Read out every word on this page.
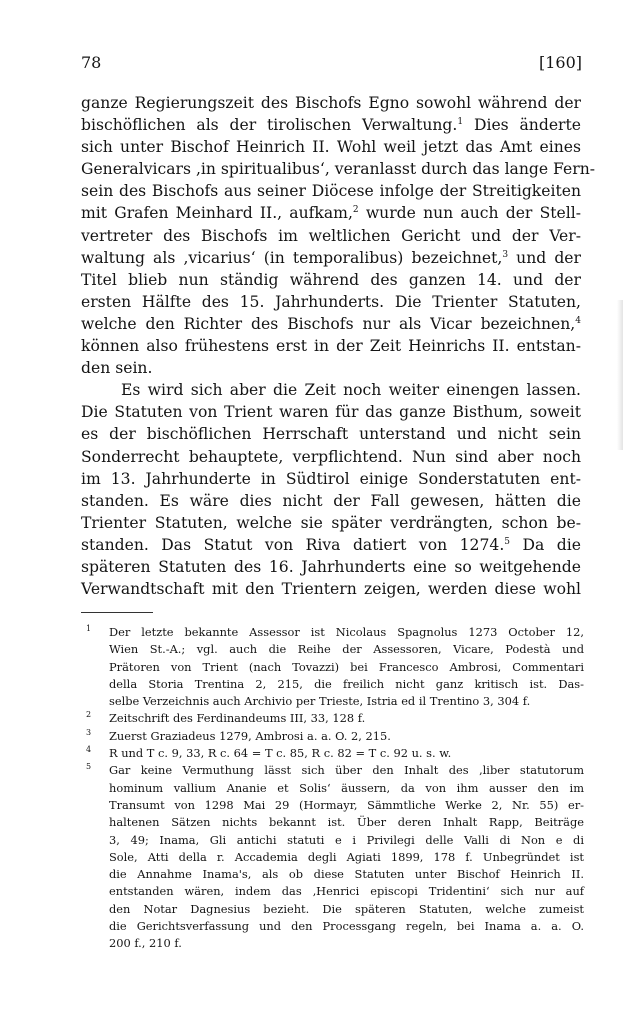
78	[160]
ganze Regierungszeit des Bischofs Egno sowohl während der
bischöflichen als der tirolischen Verwaltung.$^1$ Dies änderte
sich unter Bischof Heinrich II. Wohl weil jetzt das Amt eines
Generalvicars ‚in spiritualibus‘, veranlasst durch das lange Fern-
sein des Bischofs aus seiner Diöcese infolge der Streitigkeiten
mit Grafen Meinhard II., aufkam,$^2$ wurde nun auch der Stell-
vertreter des Bischofs im weltlichen Gericht und der Ver-
waltung als ‚vicarius‘ (in temporalibus) bezeichnet,$^3$ und der
Titel blieb nun ständig während des ganzen 14. und der
ersten Hälfte des 15. Jahrhunderts. Die Trienter Statuten,
welche den Richter des Bischofs nur als Vicar bezeichnen,$^4$
können also frühestens erst in der Zeit Heinrichs II. entstan-
den sein.
Es wird sich aber die Zeit noch weiter einengen lassen.
Die Statuten von Trient waren für das ganze Bisthum, soweit
es der bischöflichen Herrschaft unterstand und nicht sein
Sonderrecht behauptete, verpflichtend. Nun sind aber noch
im 13. Jahrhunderte in Südtirol einige Sonderstatuten ent-
standen. Es wäre dies nicht der Fall gewesen, hätten die
Trienter Statuten, welche sie später verdrängten, schon be-
standen. Das Statut von Riva datiert von 1274.$^5$ Da die
späteren Statuten des 16. Jahrhunderts eine so weitgehende
Verwandtschaft mit den Trientern zeigen, werden diese wohl
$^1$ Der letzte bekannte Assessor ist Nicolaus Spagnolus 1273 October 12,
Wien St.-A.; vgl. auch die Reihe der Assessoren, Vicare, Podestà und
Prätoren von Trient (nach Tovazzi) bei Francesco Ambrosi, Commentari
della Storia Trentina 2, 215, die freilich nicht ganz kritisch ist. Das-
selbe Verzeichnis auch Archivio per Trieste, Istria ed il Trentino 3, 304 f.
$^2$ Zeitschrift des Ferdinandeums III, 33, 128 f.
$^3$ Zuerst Graziadeus 1279, Ambrosi a. a. O. 2, 215.
$^4$ R und T c. 9, 33, R c. 64 = T c. 85, R c. 82 = T c. 92 u. s. w.
$^5$ Gar keine Vermuthung lässt sich über den Inhalt des ‚liber statutorum
hominum vallium Ananie et Solis‘ äussern, da von ihm ausser den im
Transumt von 1298 Mai 29 (Hormayr, Sämmtliche Werke 2, Nr. 55) er-
haltenen Sätzen nichts bekannt ist. Über deren Inhalt Rapp, Beiträge
3, 49; Inama, Gli antichi statuti e i Privilegi delle Valli di Non e di
Sole, Atti della r. Accademia degli Agiati 1899, 178 f. Unbegründet ist
die Annahme Inama's, als ob diese Statuten unter Bischof Heinrich II.
entstanden wären, indem das ‚Henrici episcopi Tridentini‘ sich nur auf
den Notar Dagnesius bezieht. Die späteren Statuten, welche zumeist
die Gerichtsverfassung und den Processgang regeln, bei Inama a. a. O.
200 f., 210 f.
